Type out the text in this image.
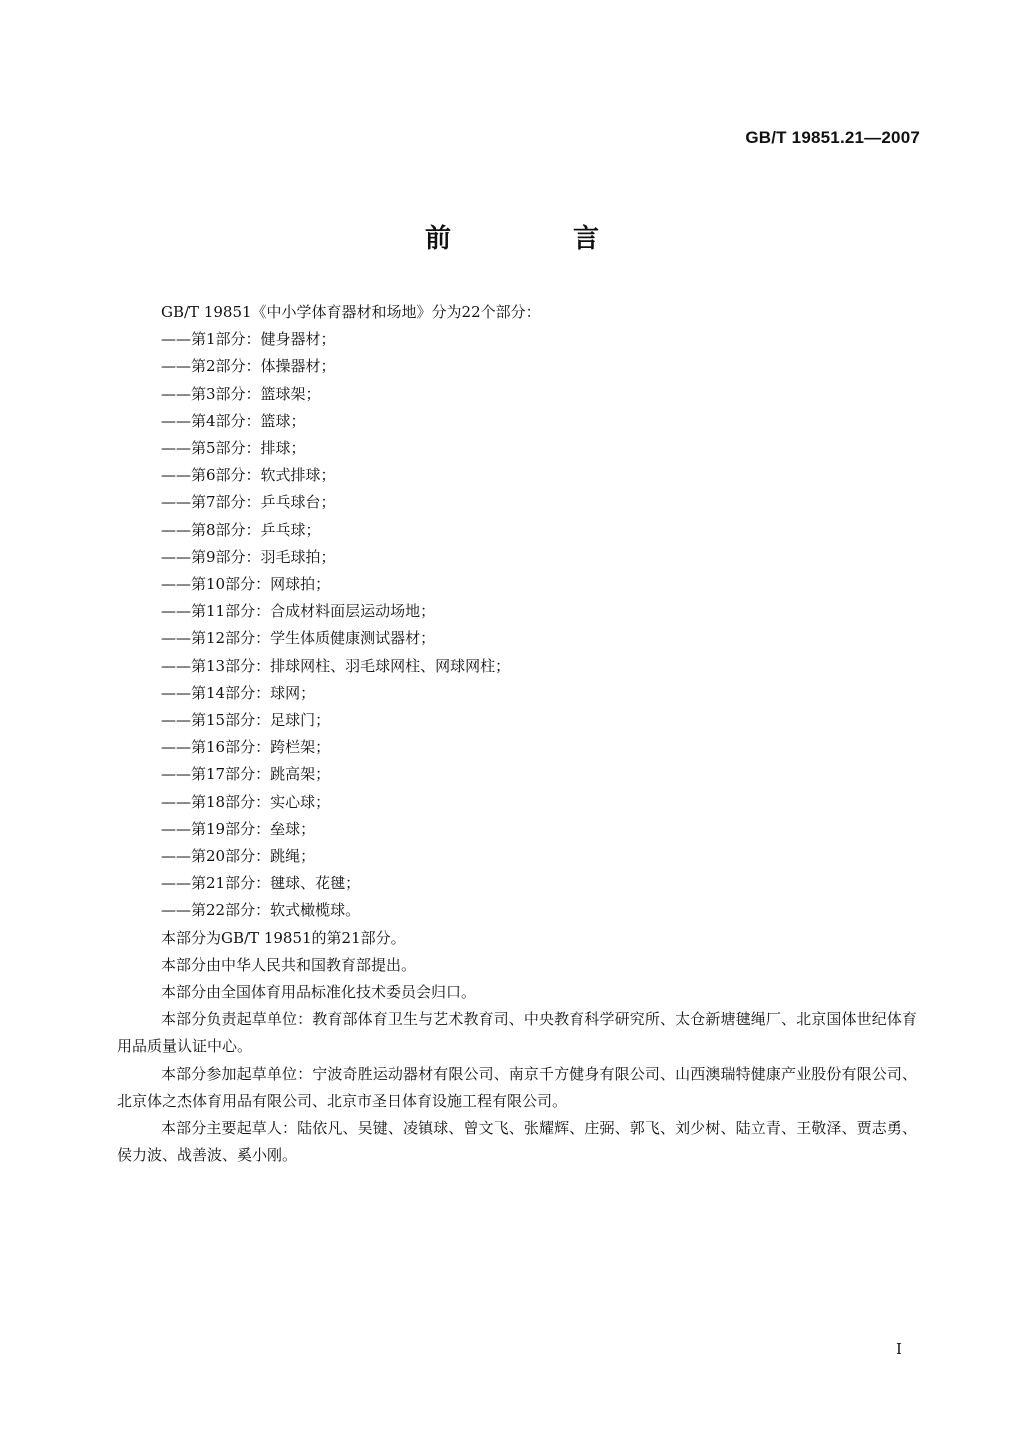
GB/T 19851.21—2007
前　言
GB/T 19851《中小学体育器材和场地》分为22个部分：
——第1部分：健身器材；
——第2部分：体操器材；
——第3部分：篮球架；
——第4部分：篮球；
——第5部分：排球；
——第6部分：软式排球；
——第7部分：乒乓球台；
——第8部分：乒乓球；
——第9部分：羽毛球拍；
——第10部分：网球拍；
——第11部分：合成材料面层运动场地；
——第12部分：学生体质健康测试器材；
——第13部分：排球网柱、羽毛球网柱、网球网柱；
——第14部分：球网；
——第15部分：足球门；
——第16部分：跨栏架；
——第17部分：跳高架；
——第18部分：实心球；
——第19部分：垒球；
——第20部分：跳绳；
——第21部分：毽球、花毽；
——第22部分：软式橄榄球。
本部分为GB/T 19851的第21部分。
本部分由中华人民共和国教育部提出。
本部分由全国体育用品标准化技术委员会归口。
本部分负责起草单位：教育部体育卫生与艺术教育司、中央教育科学研究所、太仓新塘毽绳厂、北京国体世纪体育用品质量认证中心。
本部分参加起草单位：宁波奇胜运动器材有限公司、南京千方健身有限公司、山西澳瑞特健康产业股份有限公司、北京体之杰体育用品有限公司、北京市圣日体育设施工程有限公司。
本部分主要起草人：陆依凡、吴键、凌镇球、曾文飞、张耀辉、庄弼、郭飞、刘少树、陆立青、王敬泽、贾志勇、侯力波、战善波、奚小刚。
I
